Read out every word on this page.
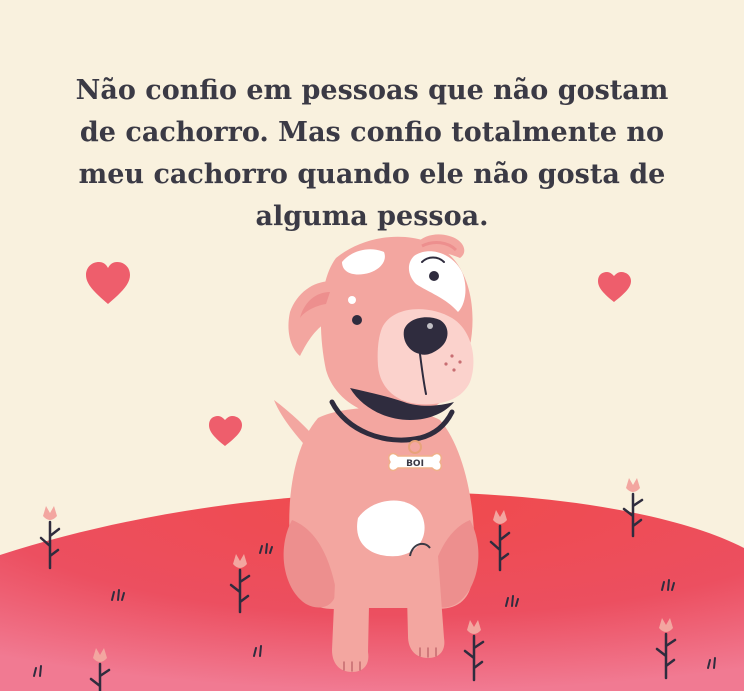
Não confio em pessoas que não gostam
de cachorro. Mas confio totalmente no
meu cachorro quando ele não gosta de
alguma pessoa.

BOI
